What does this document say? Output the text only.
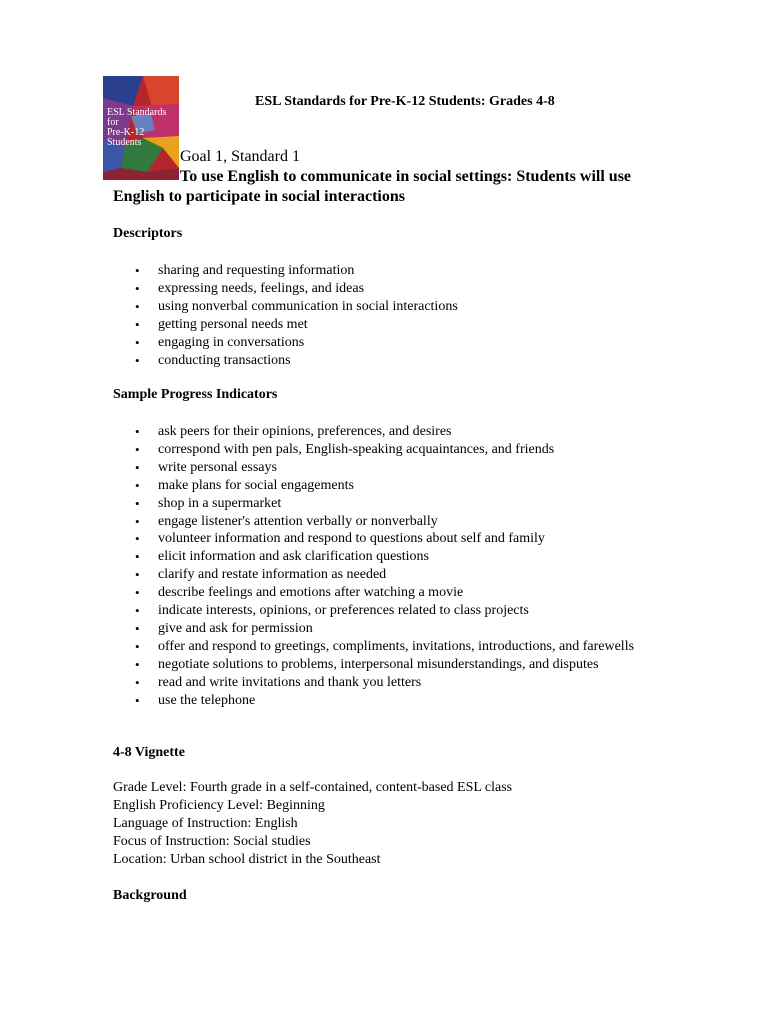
ESL Standards for
Pre-K-12 Students
ESL Standards for Pre-K-12 Students: Grades 4-8
Goal 1, Standard 1
To use English to communicate in social settings: Students will use English to participate in social interactions
Descriptors
• sharing and requesting information
• expressing needs, feelings, and ideas
• using nonverbal communication in social interactions
• getting personal needs met
• engaging in conversations
• conducting transactions
Sample Progress Indicators
• ask peers for their opinions, preferences, and desires
• correspond with pen pals, English-speaking acquaintances, and friends
• write personal essays
• make plans for social engagements
• shop in a supermarket
• engage listener's attention verbally or nonverbally
• volunteer information and respond to questions about self and family
• elicit information and ask clarification questions
• clarify and restate information as needed
• describe feelings and emotions after watching a movie
• indicate interests, opinions, or preferences related to class projects
• give and ask for permission
• offer and respond to greetings, compliments, invitations, introductions, and farewells
• negotiate solutions to problems, interpersonal misunderstandings, and disputes
• read and write invitations and thank you letters
• use the telephone
4-8 Vignette
Grade Level: Fourth grade in a self-contained, content-based ESL class
English Proficiency Level: Beginning
Language of Instruction: English
Focus of Instruction: Social studies
Location: Urban school district in the Southeast
Background
